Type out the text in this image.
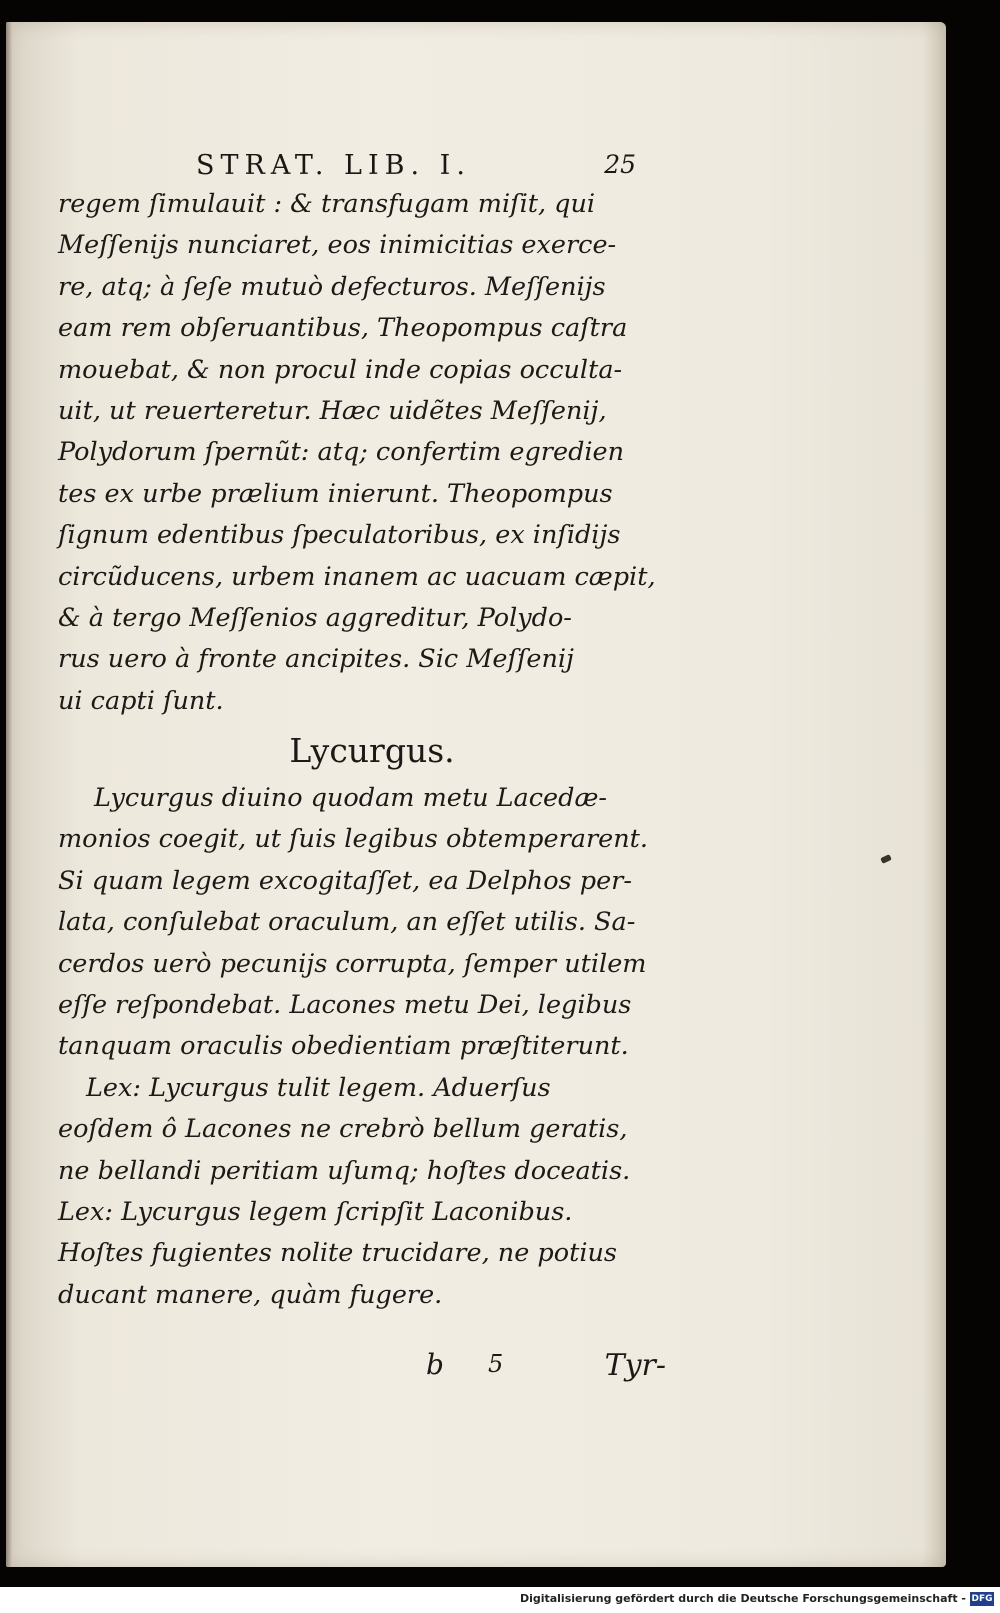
STRAT. LIB. I.	25
regem ſimulauit : & transfugam miſit, qui
Meſſenijs nunciaret, eos inimicitias exerce-
re, atq; à ſeſe mutuò defecturos. Meſſenijs
eam rem obſeruantibus, Theopompus caſtra
mouebat, & non procul inde copias occulta-
uit, ut reuerteretur. Hæc uidẽtes Meſſenij,
Polydorum ſpernũt: atq; confertim egredien
tes ex urbe prælium inierunt. Theopompus
ſignum edentibus ſpeculatoribus, ex inſidijs
circũducens, urbem inanem ac uacuam cæpit,
& à tergo Meſſenios aggreditur, Polydo-
rus uero à fronte ancipites. Sic Meſſenij
ui capti ſunt.
Lycurgus.
Lycurgus diuino quodam metu Lacedæ-
monios coegit, ut ſuis legibus obtemperarent.
Si quam legem excogitaſſet, ea Delphos per-
lata, conſulebat oraculum, an eſſet utilis. Sa-
cerdos uerò pecunijs corrupta, ſemper utilem
eſſe reſpondebat. Lacones metu Dei, legibus
tanquam oraculis obedientiam præſtiterunt.
Lex: Lycurgus tulit legem. Aduerſus
eoſdem ô Lacones ne crebrò bellum geratis,
ne bellandi peritiam uſumq; hoſtes doceatis.
Lex: Lycurgus legem ſcripſit Laconibus.
Hoſtes fugientes nolite trucidare, ne potius
ducant manere, quàm fugere.
b 5	Tyr-
Digitalisierung gefördert durch die Deutsche Forschungsgemeinschaft - DFG
